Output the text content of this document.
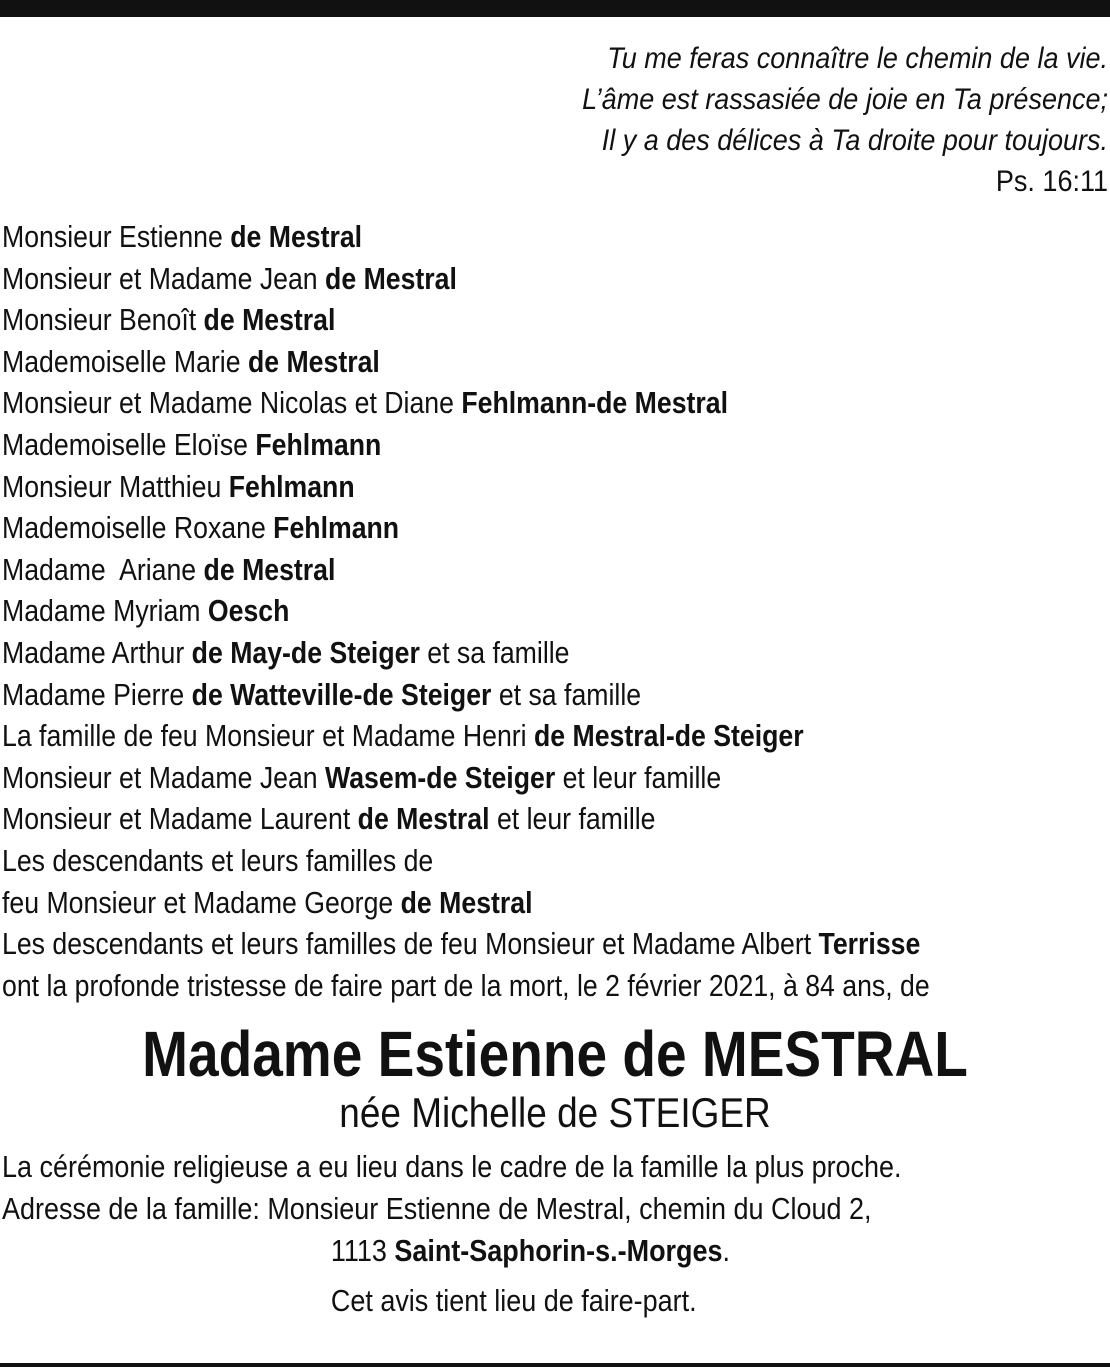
Tu me feras connaître le chemin de la vie.
L’âme est rassasiée de joie en Ta présence;
Il y a des délices à Ta droite pour toujours.
Ps. 16:11
Monsieur Estienne de Mestral
Monsieur et Madame Jean de Mestral
Monsieur Benoît de Mestral
Mademoiselle Marie de Mestral
Monsieur et Madame Nicolas et Diane Fehlmann-de Mestral
Mademoiselle Eloïse Fehlmann
Monsieur Matthieu Fehlmann
Mademoiselle Roxane Fehlmann
Madame  Ariane de Mestral
Madame Myriam Oesch
Madame Arthur de May-de Steiger et sa famille
Madame Pierre de Watteville-de Steiger et sa famille
La famille de feu Monsieur et Madame Henri de Mestral-de Steiger
Monsieur et Madame Jean Wasem-de Steiger et leur famille
Monsieur et Madame Laurent de Mestral et leur famille
Les descendants et leurs familles de
feu Monsieur et Madame George de Mestral
Les descendants et leurs familles de feu Monsieur et Madame Albert Terrisse
ont la profonde tristesse de faire part de la mort, le 2 février 2021, à 84 ans, de
Madame Estienne de MESTRAL
née Michelle de STEIGER
La cérémonie religieuse a eu lieu dans le cadre de la famille la plus proche.
Adresse de la famille: Monsieur Estienne de Mestral, chemin du Cloud 2,
1113 Saint-Saphorin-s.-Morges.
Cet avis tient lieu de faire-part.
